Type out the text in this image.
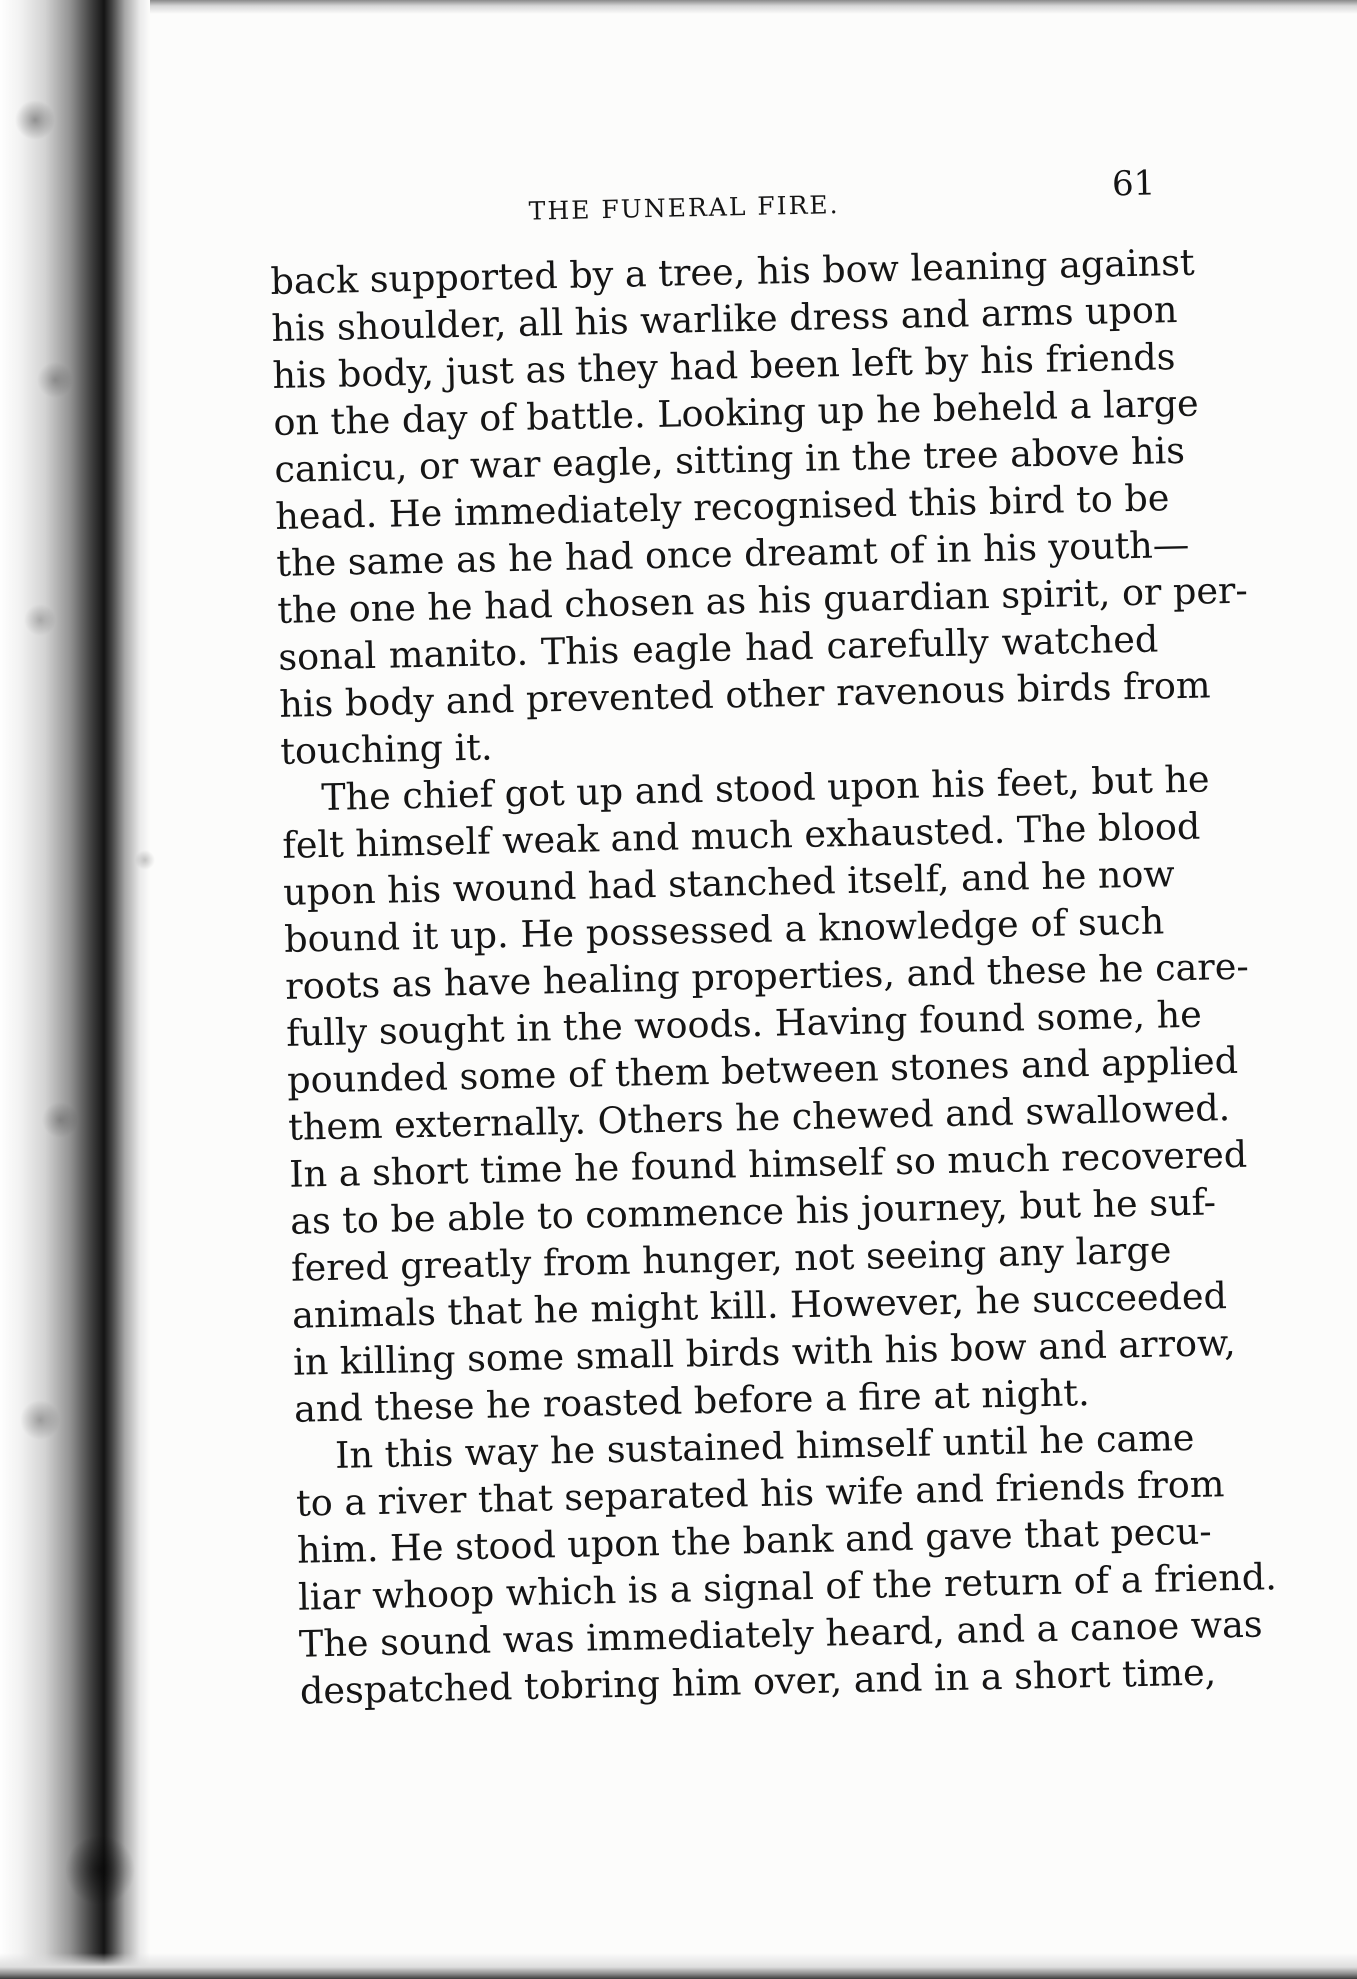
THE FUNERAL FIRE.
61
back supported by a tree, his bow leaning against
his shoulder, all his warlike dress and arms upon
his body, just as they had been left by his friends
on the day of battle. Looking up he beheld a large
canicu, or war eagle, sitting in the tree above his
head. He immediately recognised this bird to be
the same as he had once dreamt of in his youth—
the one he had chosen as his guardian spirit, or per-
sonal manito. This eagle had carefully watched
his body and prevented other ravenous birds from
touching it.
The chief got up and stood upon his feet, but he
felt himself weak and much exhausted. The blood
upon his wound had stanched itself, and he now
bound it up. He possessed a knowledge of such
roots as have healing properties, and these he care-
fully sought in the woods. Having found some, he
pounded some of them between stones and applied
them externally. Others he chewed and swallowed.
In a short time he found himself so much recovered
as to be able to commence his journey, but he suf-
fered greatly from hunger, not seeing any large
animals that he might kill. However, he succeeded
in killing some small birds with his bow and arrow,
and these he roasted before a fire at night.
In this way he sustained himself until he came
to a river that separated his wife and friends from
him. He stood upon the bank and gave that pecu-
liar whoop which is a signal of the return of a friend.
The sound was immediately heard, and a canoe was
despatched tobring him over, and in a short time,
